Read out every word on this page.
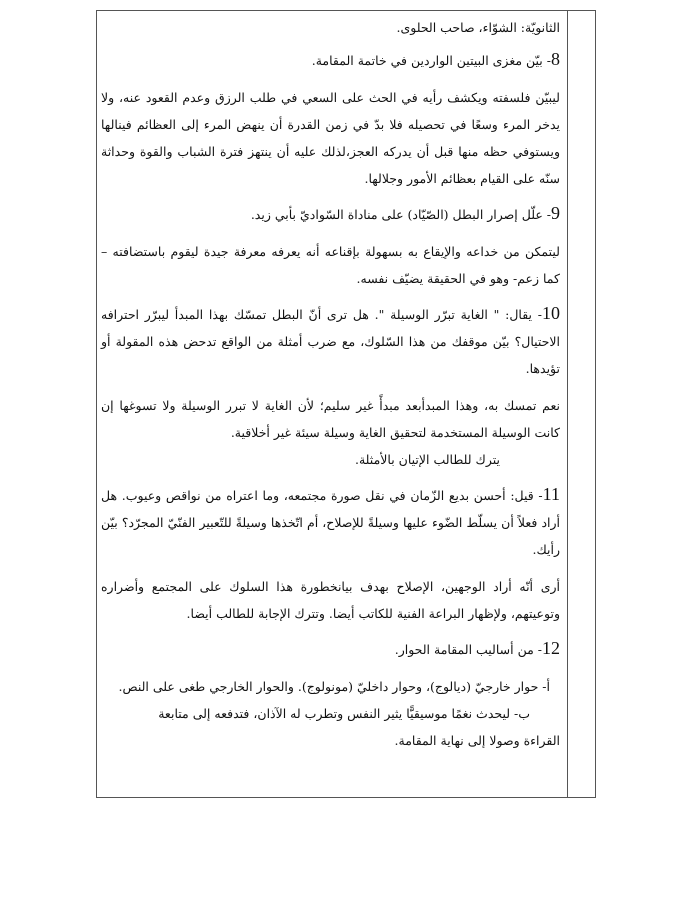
الثانويّة: الشوّاء، صاحب الحلوى.

8- بيّن مغزى البيتين الواردين في خاتمة المقامة.

ليبيّن فلسفته ويكشف رأيه في الحث على السعي في طلب الرزق وعدم القعود عنه، ولا يدخر المرء وسعًا في تحصيله فلا بدّ في زمن القدرة أن ينهض المرء إلى العظائم فينالها ويستوفي حظه منها قبل أن يدركه العجز،لذلك عليه أن ينتهز فترة الشباب والقوة وحداثة سنّه على القيام بعظائم الأمور وجلالها.

9- علّل إصرار البطل (الصّيّاد) على مناداة السّواديّ بأبي زيد.

ليتمكن من خداعه والإيقاع به بسهولة بإقناعه أنه يعرفه معرفة جيدة ليقوم باستضافته – كما زعم- وهو في الحقيقة يضيّف نفسه.

10- يقال: " الغاية تبرّر الوسيلة ". هل ترى أنّ البطل تمسّك بهذا المبدأ ليبرّر احترافه الاحتيال؟ بيّن موقفك من هذا السّلوك، مع ضرب أمثلة من الواقع تدحض هذه المقولة أو تؤيدها.

نعم تمسك به، وهذا المبدأبعد مبدأً غير سليم؛ لأن الغاية لا تبرر الوسيلة ولا تسوغها إن كانت الوسيلة المستخدمة لتحقيق الغاية وسيلة سيئة غير أخلاقية.

يترك للطالب الإتيان بالأمثلة.

11- قيل: أحسن بديع الزّمان في نقل صورة مجتمعه، وما اعتراه من نواقص وعيوب. هل أراد فعلاً أن يسلّط الضّوء عليها وسيلةً للإصلاح، أم اتّخذها وسيلةً للتّعبير الفنّيّ المجرّد؟ بيّن رأيك.

أرى أنّه أراد الوجهين، الإصلاح بهدف بيانخطورة هذا السلوك على المجتمع وأضراره وتوعيتهم، ولإظهار البراعة الفنية للكاتب أيضا. وتترك الإجابة للطالب أيضا.

12- من أساليب المقامة الحوار.

أ- حوار خارجيّ (ديالوج)، وحوار داخليّ (مونولوج). والحوار الخارجي طغى على النص.

ب- ليحدث نغمًا موسيقيًّا يثير النفس وتطرب له الآذان، فتدفعه إلى متابعة

القراءة وصولا إلى نهاية المقامة.
